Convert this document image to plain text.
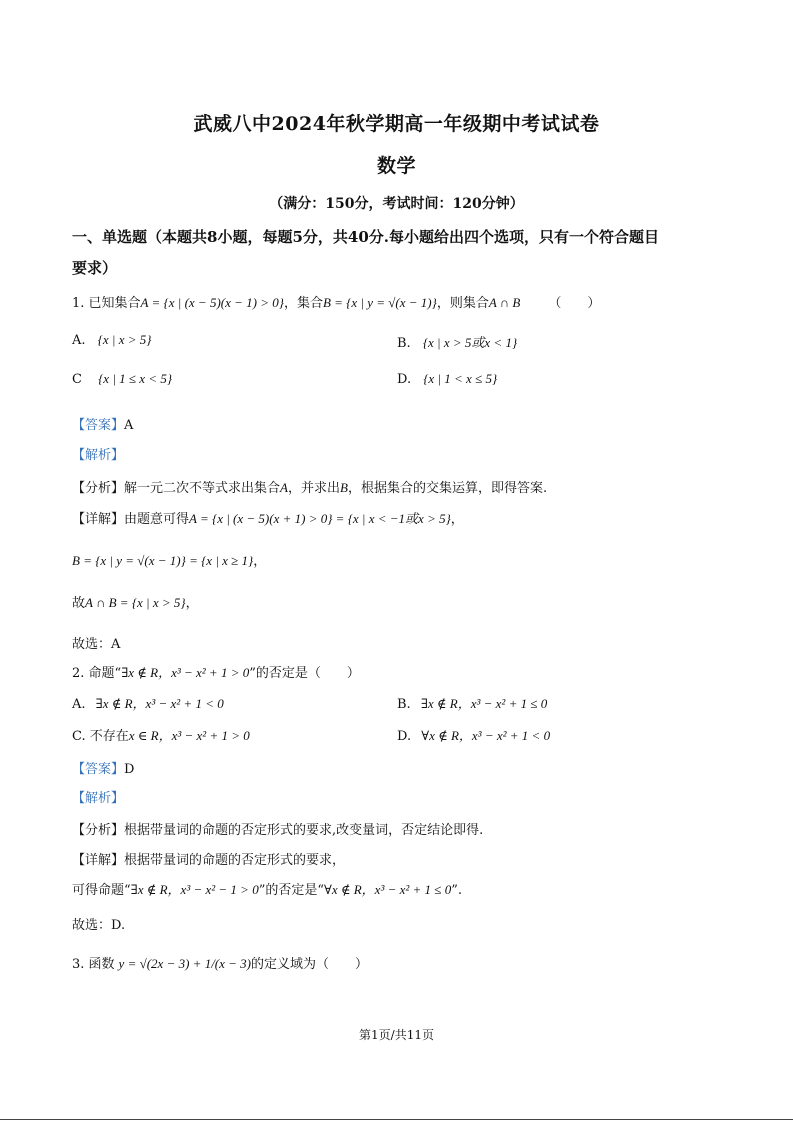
武威八中2024年秋学期高一年级期中考试试卷
数学
（满分：150分，考试时间：120分钟）
一、单选题（本题共8小题，每题5分，共40分.每小题给出四个选项，只有一个符合题目
要求）
1. 已知集合A = {x | (x − 5)(x − 1) > 0}，集合B = {x | y = √(x − 1)}，则集合A ∩ B （　　）
A. {x | x > 5}	B. {x | x > 5或x < 1}
C {x | 1 ≤ x < 5}	D. {x | 1 < x ≤ 5}
【答案】A
【解析】
【分析】解一元二次不等式求出集合A，并求出B，根据集合的交集运算，即得答案.
【详解】由题意可得A = {x | (x − 5)(x + 1) > 0} = {x | x < −1或x > 5}，
B = {x | y = √(x − 1)} = {x | x ≥ 1}，
故A ∩ B = {x | x > 5}，
故选：A
2. 命题“∃x ∉ R，x³ − x² + 1 > 0”的否定是（　　）
A. ∃x ∉ R，x³ − x² + 1 < 0	B. ∃x ∉ R，x³ − x² + 1 ≤ 0
C. 不存在x ∈ R，x³ − x² + 1 > 0	D. ∀x ∉ R，x³ − x² + 1 < 0
【答案】D
【解析】
【分析】根据带量词的命题的否定形式的要求,改变量词，否定结论即得.
【详解】根据带量词的命题的否定形式的要求，
可得命题“∃x ∉ R，x³ − x² − 1 > 0”的否定是“∀x ∉ R，x³ − x² + 1 ≤ 0”.
故选：D.
3. 函数 y = √(2x − 3) + 1/(x − 3)的定义域为（　　）
第1页/共11页
